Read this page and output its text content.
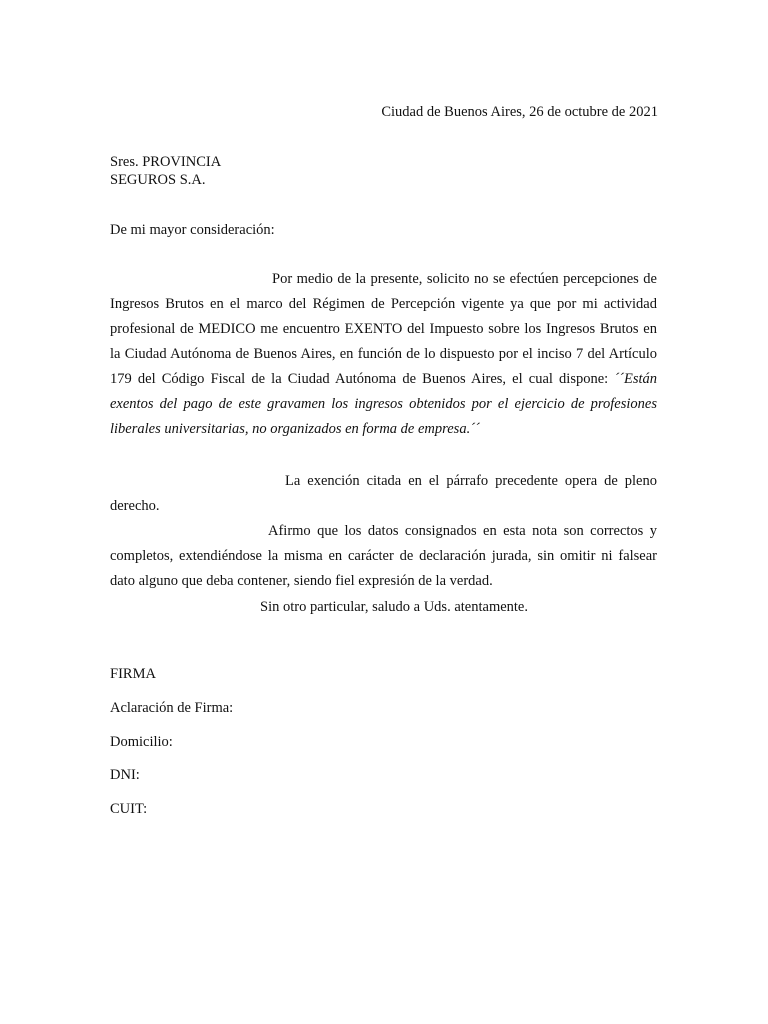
Ciudad de Buenos Aires, 26 de octubre de 2021
Sres. PROVINCIA
SEGUROS S.A.
De mi mayor consideración:
Por medio de la presente, solicito no se efectúen percepciones de Ingresos Brutos en el marco del Régimen de Percepción vigente ya que por mi actividad profesional de MEDICO me encuentro EXENTO del Impuesto sobre los Ingresos Brutos en la Ciudad Autónoma de Buenos Aires, en función de lo dispuesto por el inciso 7 del Artículo 179 del Código Fiscal de la Ciudad Autónoma de Buenos Aires, el cual dispone: ´´Están exentos del pago de este gravamen los ingresos obtenidos por el ejercicio de profesiones liberales universitarias, no organizados en forma de empresa.´´
La exención citada en el párrafo precedente opera de pleno derecho.
Afirmo que los datos consignados en esta nota son correctos y completos, extendiéndose la misma en carácter de declaración jurada, sin omitir ni falsear dato alguno que deba contener, siendo fiel expresión de la verdad.
Sin otro particular, saludo a Uds. atentamente.
FIRMA
Aclaración de Firma:
Domicilio:
DNI:
CUIT:
